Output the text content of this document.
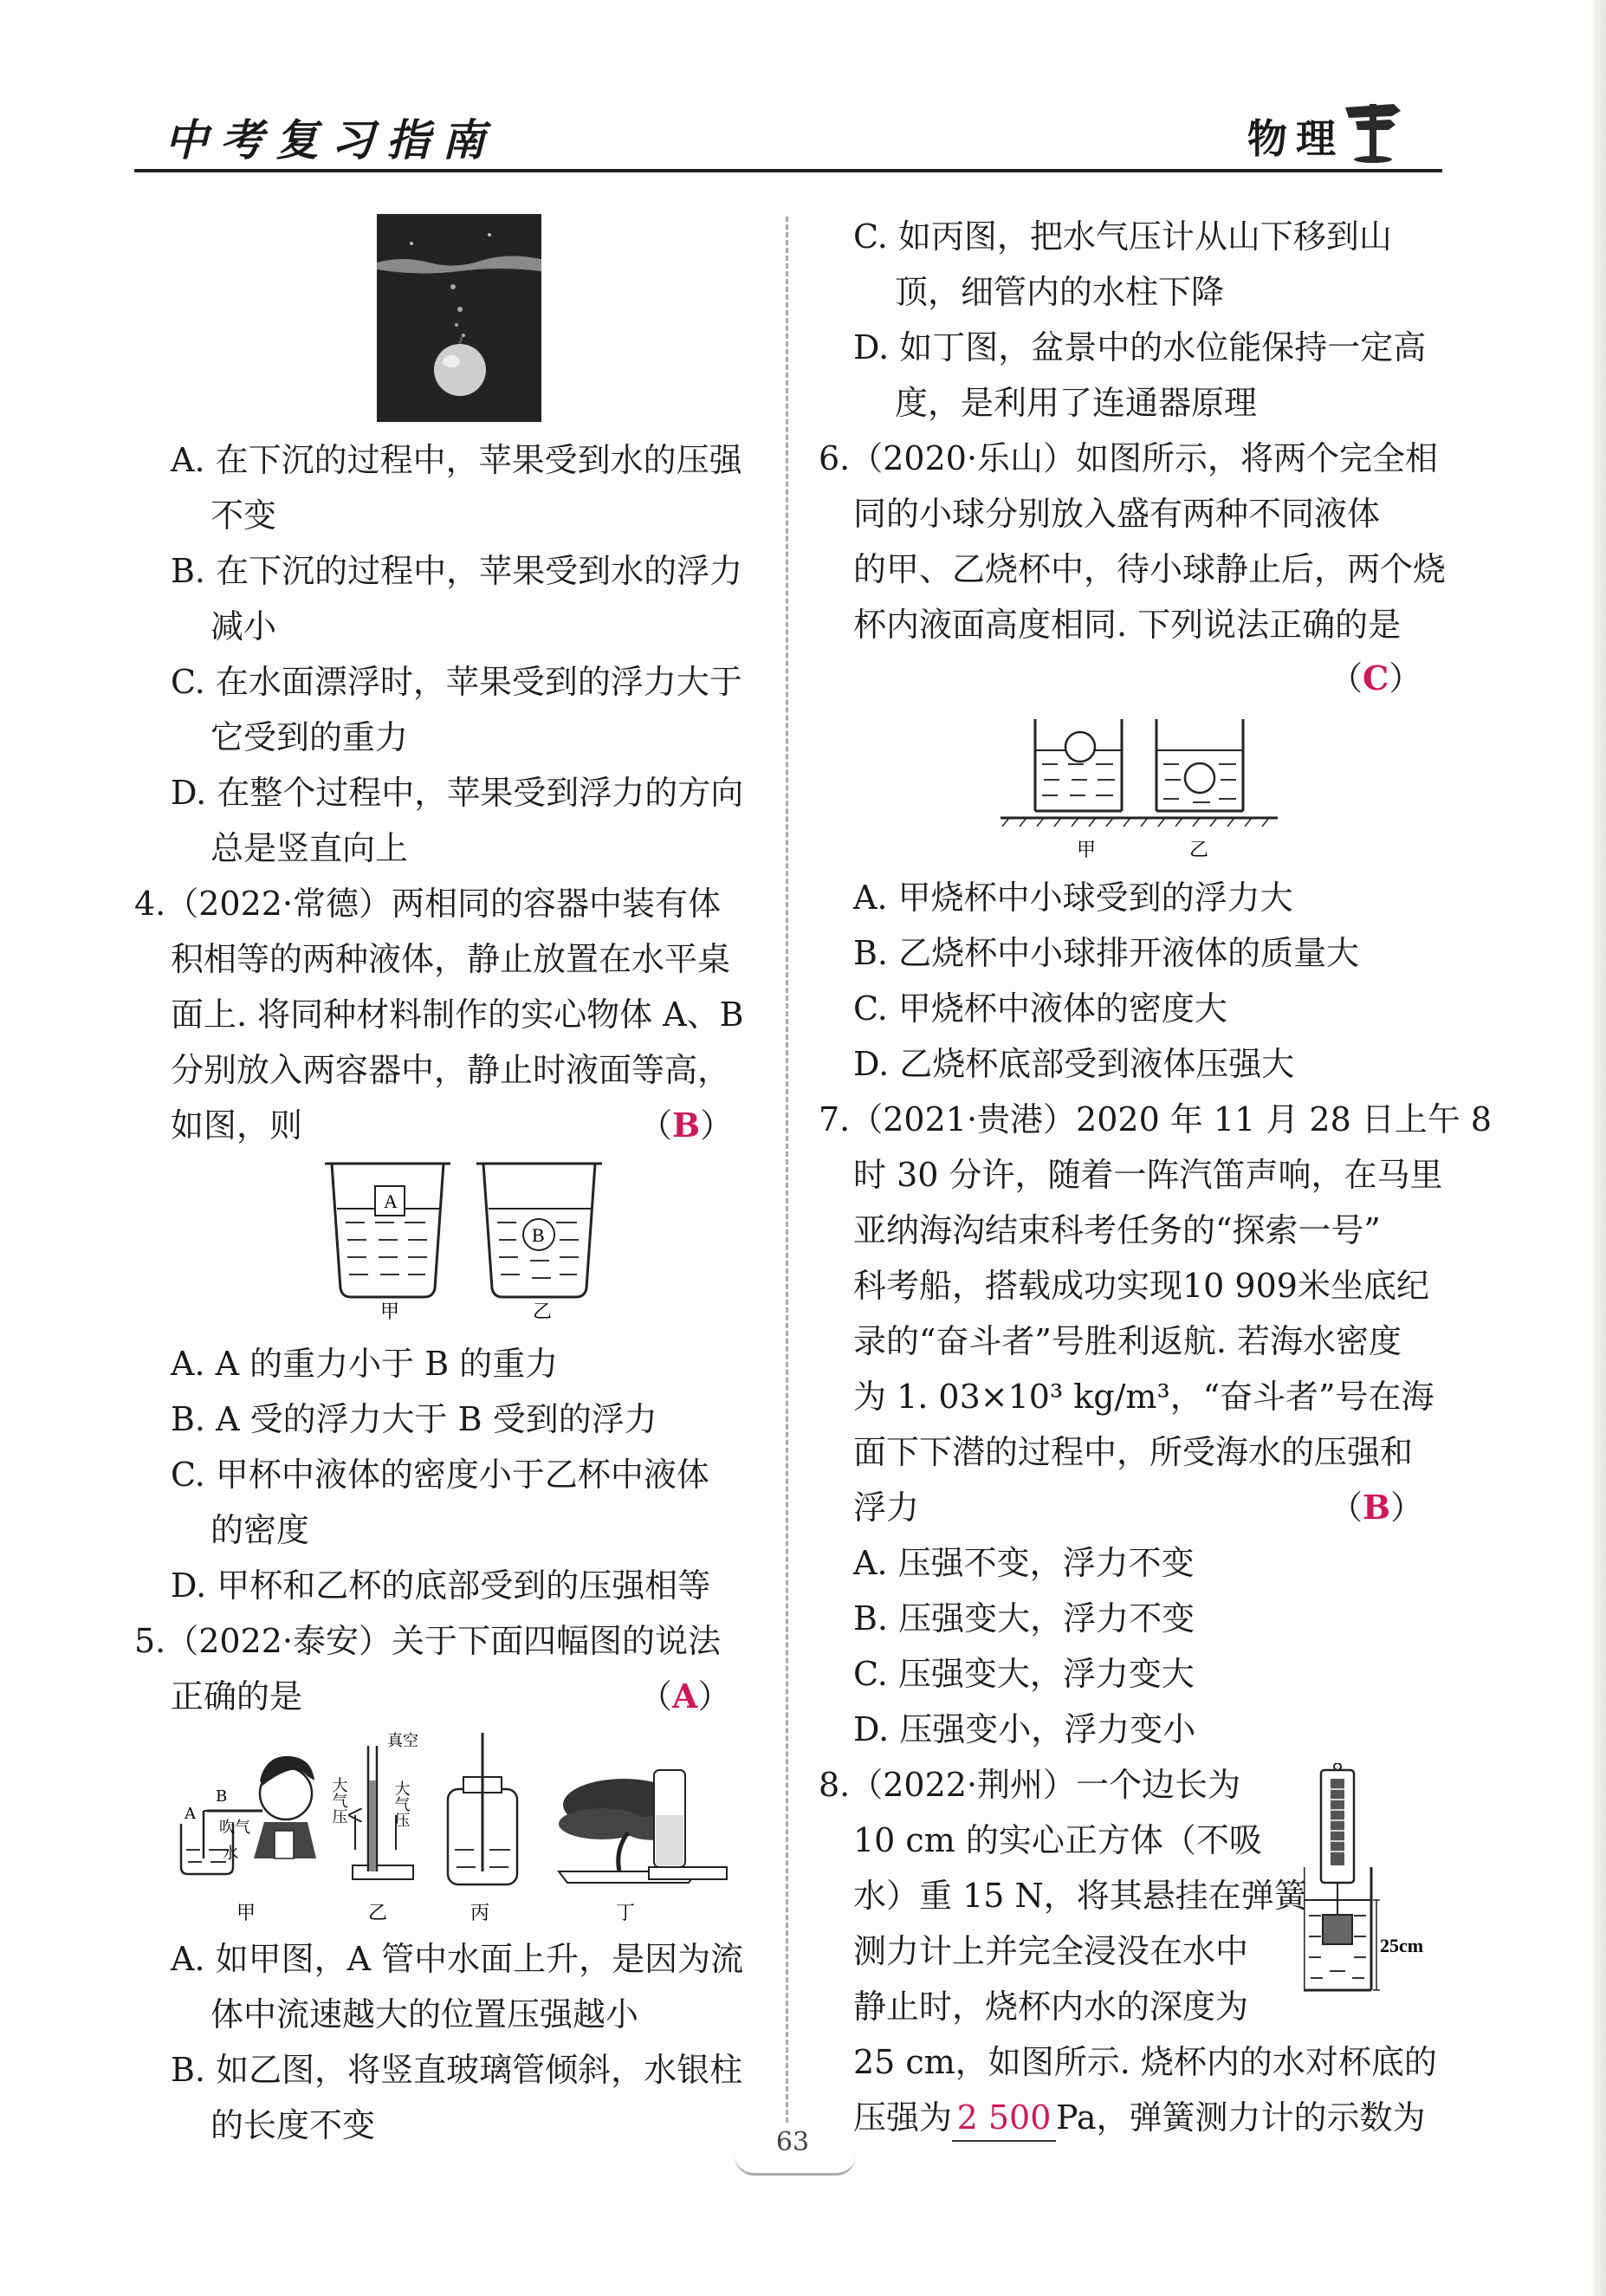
中考复习指南	物理
A. 在下沉的过程中，苹果受到水的压强
不变
B. 在下沉的过程中，苹果受到水的浮力
减小
C. 在水面漂浮时，苹果受到的浮力大于
它受到的重力
D. 在整个过程中，苹果受到浮力的方向
总是竖直向上
4.（2022·常德）两相同的容器中装有体
积相等的两种液体，静止放置在水平桌
面上. 将同种材料制作的实心物体 A、B
分别放入两容器中，静止时液面等高，
如图，则	（B）
A
B
甲	乙
A. A 的重力小于 B 的重力
B. A 受的浮力大于 B 受到的浮力
C. 甲杯中液体的密度小于乙杯中液体
的密度
D. 甲杯和乙杯的底部受到的压强相等
5.（2022·泰安）关于下面四幅图的说法
正确的是	（A）
B
A
吹气
水
甲
真空
大气压	大气压
乙	丙	丁
A. 如甲图，A 管中水面上升，是因为流
体中流速越大的位置压强越小
B. 如乙图，将竖直玻璃管倾斜，水银柱
的长度不变
C. 如丙图，把水气压计从山下移到山
顶，细管内的水柱下降
D. 如丁图，盆景中的水位能保持一定高
度，是利用了连通器原理
6.（2020·乐山）如图所示，将两个完全相
同的小球分别放入盛有两种不同液体
的甲、乙烧杯中，待小球静止后，两个烧
杯内液面高度相同. 下列说法正确的是
（C）
甲	乙
A. 甲烧杯中小球受到的浮力大
B. 乙烧杯中小球排开液体的质量大
C. 甲烧杯中液体的密度大
D. 乙烧杯底部受到液体压强大
7.（2021·贵港）2020 年 11 月 28 日上午 8
时 30 分许，随着一阵汽笛声响，在马里
亚纳海沟结束科考任务的“探索一号”
科考船，搭载成功实现10 909米坐底纪
录的“奋斗者”号胜利返航. 若海水密度
为 1. 03×10³ kg/m³，“奋斗者”号在海
面下下潜的过程中，所受海水的压强和
浮力	（B）
A. 压强不变，浮力不变
B. 压强变大，浮力不变
C. 压强变大，浮力变大
D. 压强变小，浮力变小
8.（2022·荆州）一个边长为
10 cm 的实心正方体（不吸
水）重 15 N，将其悬挂在弹簧
测力计上并完全浸没在水中
静止时，烧杯内水的深度为
25 cm，如图所示. 烧杯内的水对杯底的
压强为 2 500 Pa，弹簧测力计的示数为
25cm
63
